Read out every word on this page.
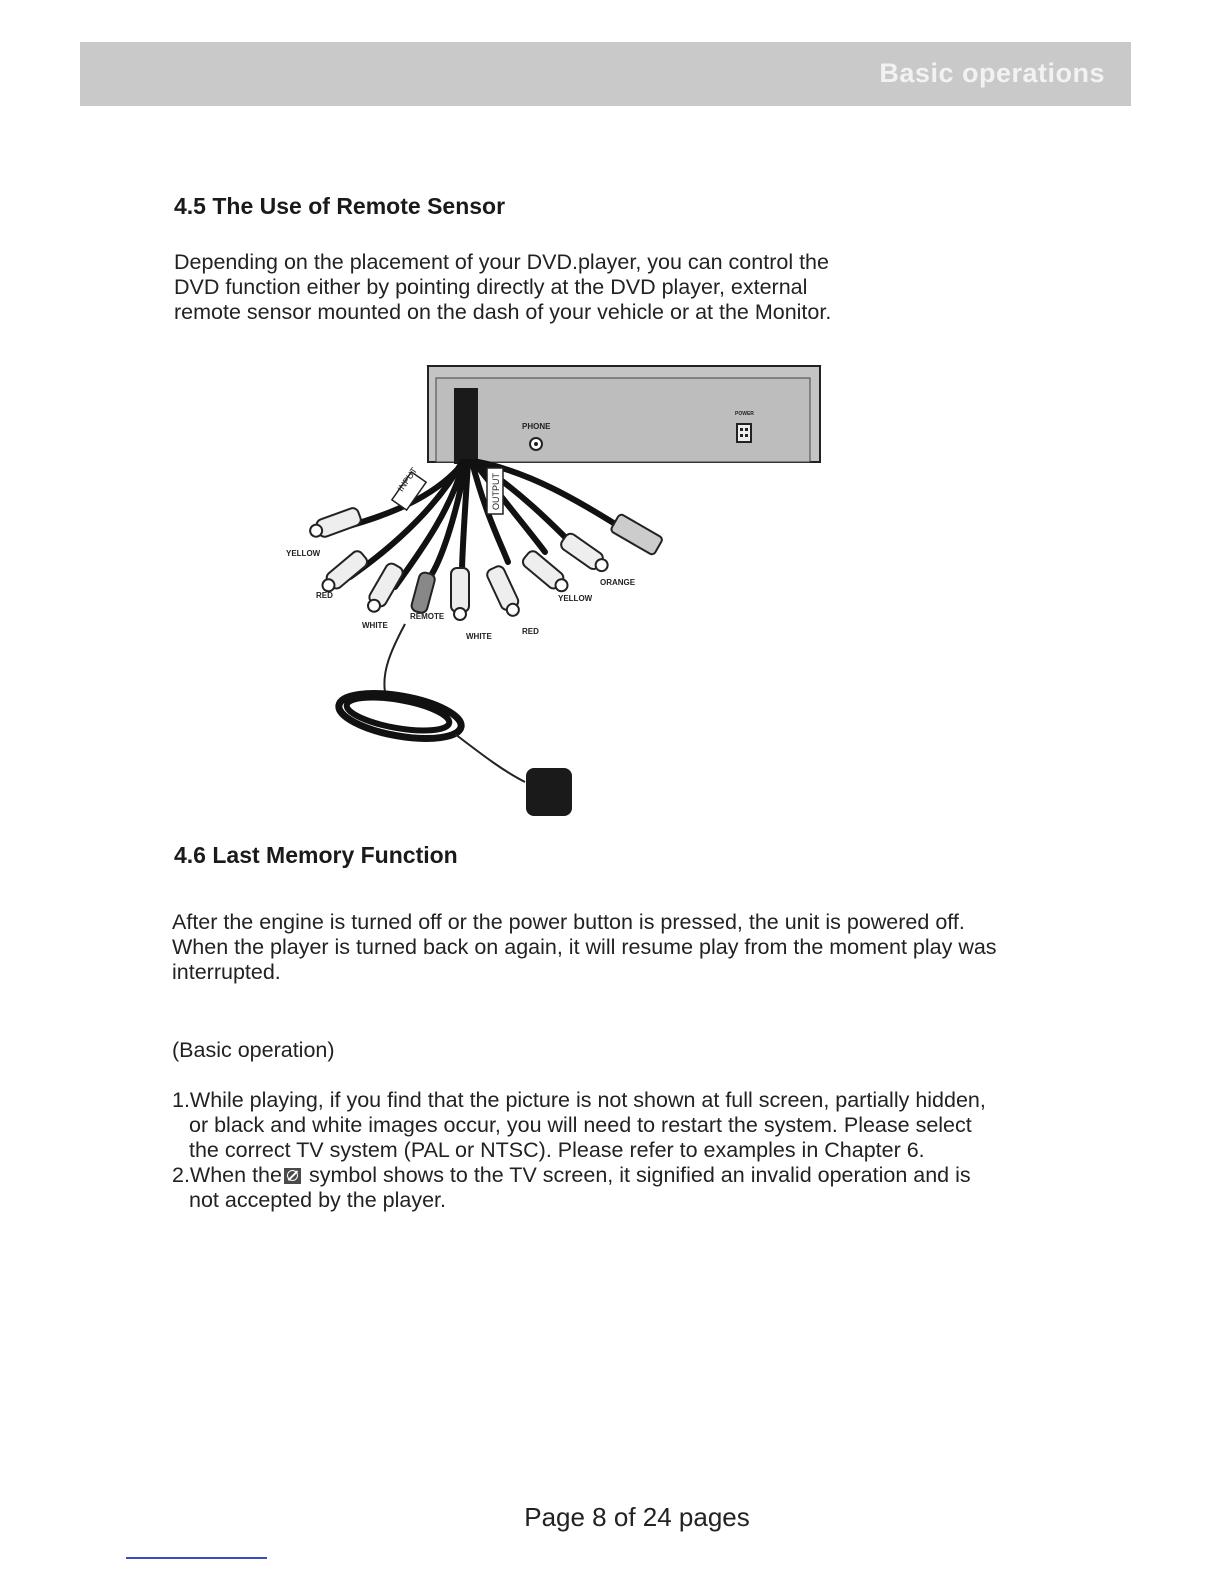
Basic operations
4.5 The Use of Remote Sensor
Depending on the placement of your DVD.player, you can control the
DVD function either by pointing directly at the DVD player, external
remote sensor mounted on the dash of your vehicle or at the Monitor.
PHONE
POWER
INPUT	OUTPUT
YELLOW
RED
WHITE
REMOTE
WHITE
RED
YELLOW
ORANGE
4.6 Last Memory Function
After the engine is turned off or the power button is pressed, the unit is powered off.
When the player is turned back on again, it will resume play from the moment play was
interrupted.
(Basic operation)
1.While playing, if you find that the picture is not shown at full screen, partially hidden,
or black and white images occur, you will need to restart the system. Please select
the correct TV system (PAL or NTSC). Please refer to examples in Chapter 6.
2.When the
symbol shows to the TV screen, it signified an invalid operation and is
not accepted by the player.
Page 8 of 24 pages
